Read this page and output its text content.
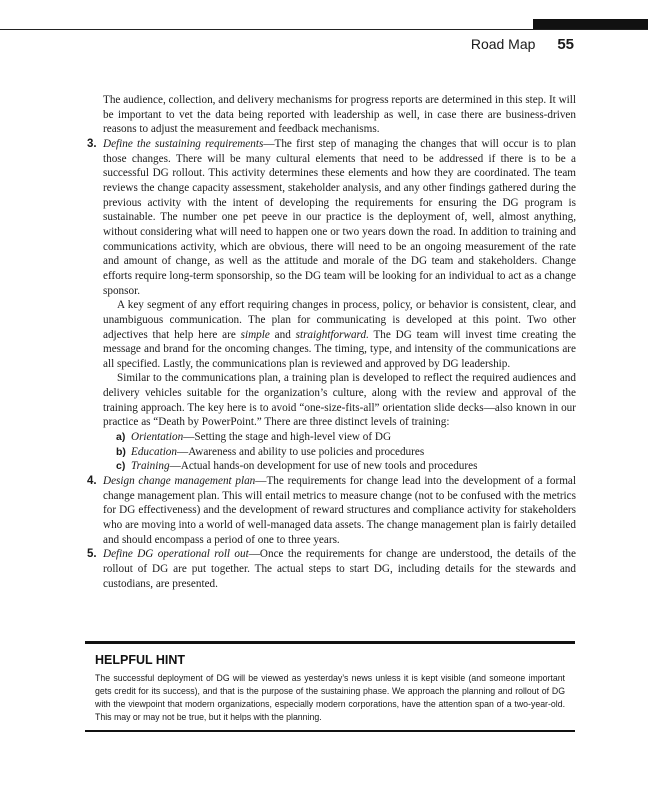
Road Map 55

The audience, collection, and delivery mechanisms for progress reports are determined in this step. It will be important to vet the data being reported with leadership as well, in case there are business-driven reasons to adjust the measurement and feedback mechanisms.

3. Define the sustaining requirements—The first step of managing the changes that will occur is to plan those changes. There will be many cultural elements that need to be addressed if there is to be a successful DG rollout. This activity determines these elements and how they are coordinated. The team reviews the change capacity assessment, stakeholder analysis, and any other findings gathered during the previous activity with the intent of developing the requirements for ensuring the DG program is sustainable. The number one pet peeve in our practice is the deployment of, well, almost anything, without considering what will need to happen one or two years down the road. In addition to training and communications activity, which are obvious, there will need to be an ongoing measurement of the rate and amount of change, as well as the attitude and morale of the DG team and stakeholders. Change efforts require long-term sponsorship, so the DG team will be looking for an individual to act as a change sponsor.

A key segment of any effort requiring changes in process, policy, or behavior is consistent, clear, and unambiguous communication. The plan for communicating is developed at this point. Two other adjectives that help here are simple and straightforward. The DG team will invest time creating the message and brand for the oncoming changes. The timing, type, and intensity of the communications are all specified. Lastly, the communications plan is reviewed and approved by DG leadership.

Similar to the communications plan, a training plan is developed to reflect the required audiences and delivery vehicles suitable for the organization’s culture, along with the review and approval of the training approach. The key here is to avoid “one-size-fits-all” orientation slide decks—also known in our practice as “Death by PowerPoint.” There are three distinct levels of training:

a) Orientation—Setting the stage and high-level view of DG

b) Education—Awareness and ability to use policies and procedures

c) Training—Actual hands-on development for use of new tools and procedures

4. Design change management plan—The requirements for change lead into the development of a formal change management plan. This will entail metrics to measure change (not to be confused with the metrics for DG effectiveness) and the development of reward structures and compliance activity for stakeholders who are moving into a world of well-managed data assets. The change management plan is fairly detailed and should encompass a period of one to three years.

5. Define DG operational roll out—Once the requirements for change are understood, the details of the rollout of DG are put together. The actual steps to start DG, including details for the stewards and custodians, are presented.

HELPFUL HINT

The successful deployment of DG will be viewed as yesterday’s news unless it is kept visible (and someone important gets credit for its success), and that is the purpose of the sustaining phase. We approach the planning and rollout of DG with the viewpoint that modern organizations, especially modern corporations, have the attention span of a two-year-old. This may or may not be true, but it helps with the planning.
